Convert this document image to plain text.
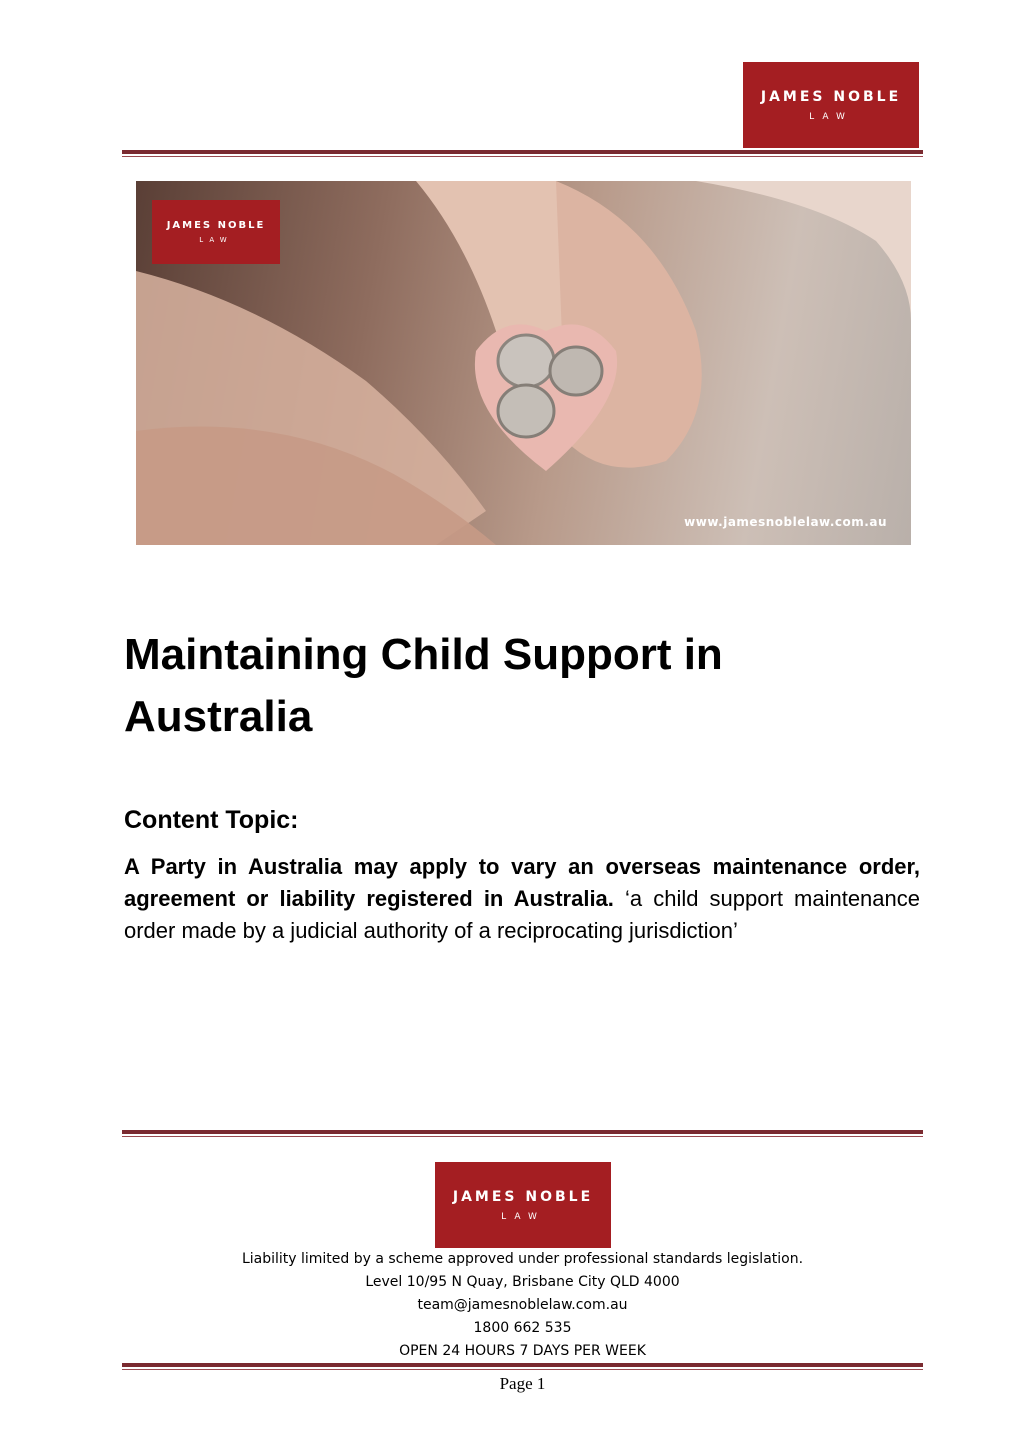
JAMES NOBLE
LAW
JAMES NOBLE
LAW
www.jamesnoblelaw.com.au
Maintaining Child Support in Australia
Content Topic:

A Party in Australia may apply to vary an overseas maintenance order, agreement or liability registered in Australia. ‘a child support maintenance order made by a judicial authority of a reciprocating jurisdiction’

JAMES NOBLE
LAW
Liability limited by a scheme approved under professional standards legislation.
Level 10/95 N Quay, Brisbane City QLD 4000
team@jamesnoblelaw.com.au
1800 662 535
OPEN 24 HOURS 7 DAYS PER WEEK
Page 1
